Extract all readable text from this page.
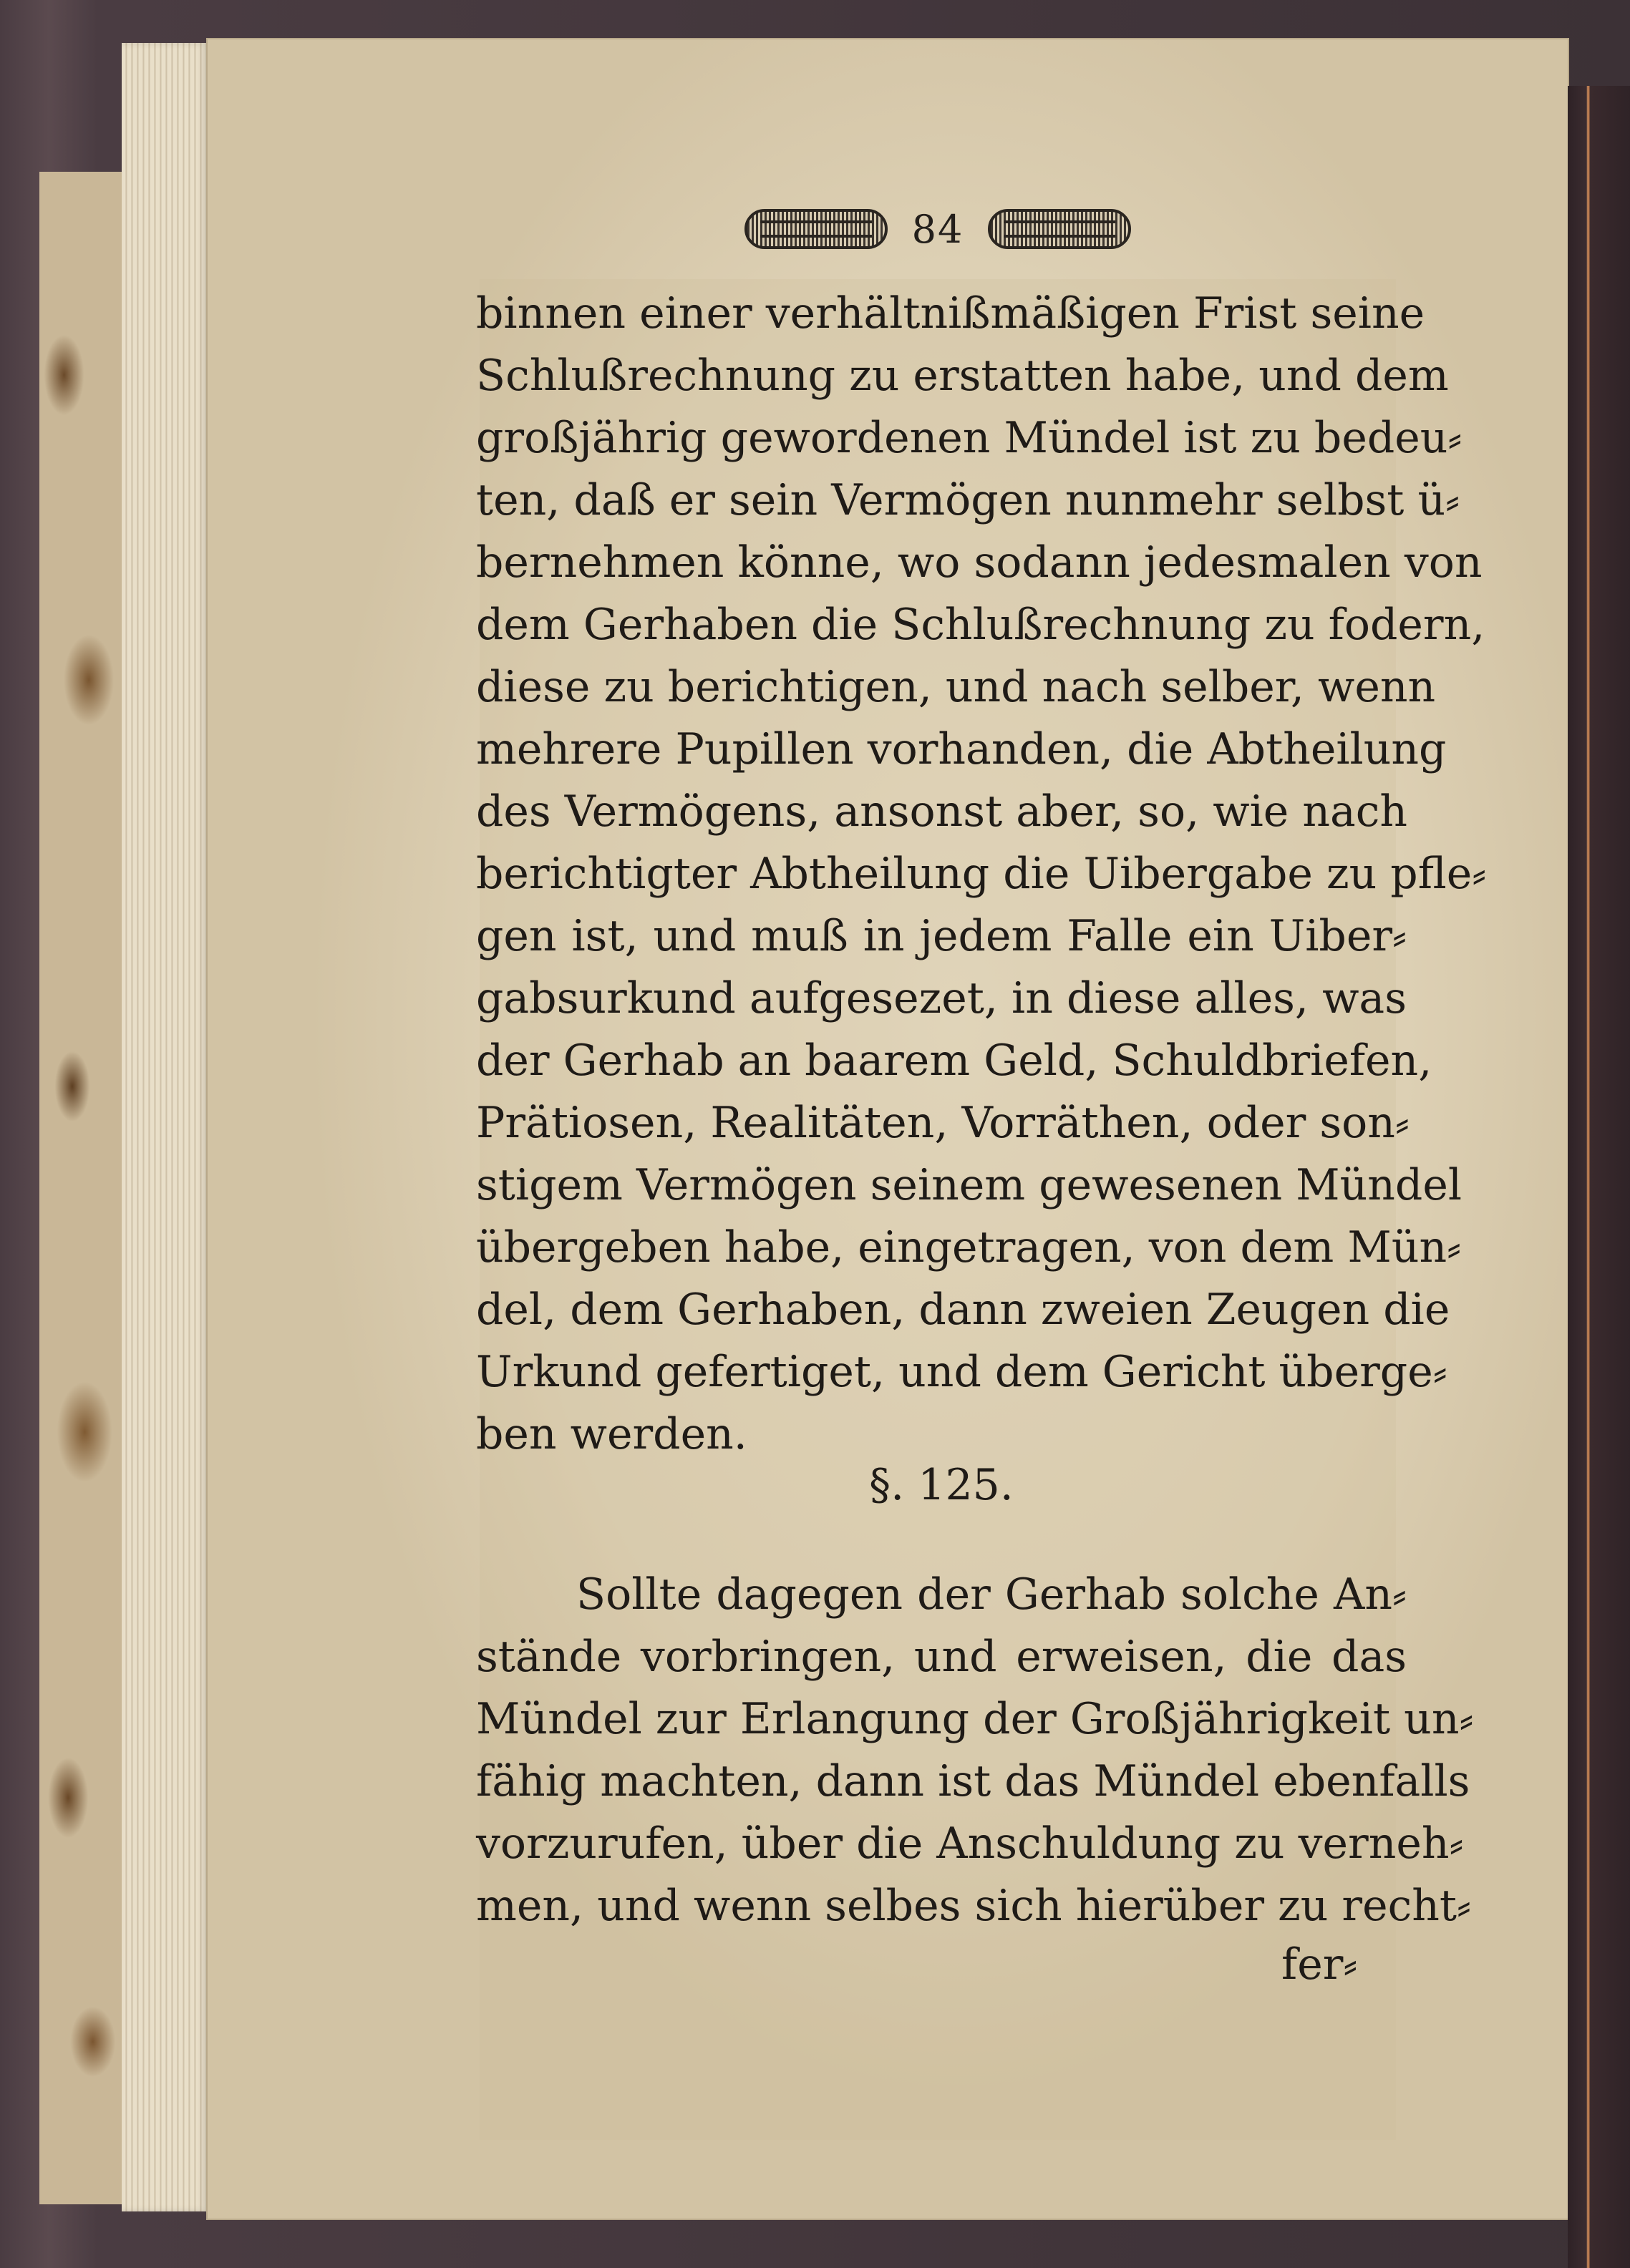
84
binnen einer verhältnißmäßigen Frist seine
Schlußrechnung zu erstatten habe, und dem
großjährig gewordenen Mündel ist zu bedeu⸗
ten, daß er sein Vermögen nunmehr selbst ü⸗
bernehmen könne, wo sodann jedesmalen von
dem Gerhaben die Schlußrechnung zu fodern,
diese zu berichtigen, und nach selber, wenn
mehrere Pupillen vorhanden, die Abtheilung
des Vermögens, ansonst aber, so, wie nach
berichtigter Abtheilung die Uibergabe zu pfle⸗
gen ist, und muß in jedem Falle ein Uiber⸗
gabsurkund aufgesezet, in diese alles, was
der Gerhab an baarem Geld, Schuldbriefen,
Prätiosen, Realitäten, Vorräthen, oder son⸗
stigem Vermögen seinem gewesenen Mündel
übergeben habe, eingetragen, von dem Mün⸗
del, dem Gerhaben, dann zweien Zeugen die
Urkund gefertiget, und dem Gericht überge⸗
ben werden.
§. 125.
Sollte dagegen der Gerhab solche An⸗
stände vorbringen, und erweisen, die das
Mündel zur Erlangung der Großjährigkeit un⸗
fähig machten, dann ist das Mündel ebenfalls
vorzurufen, über die Anschuldung zu verneh⸗
men, und wenn selbes sich hierüber zu recht⸗
fer⸗
